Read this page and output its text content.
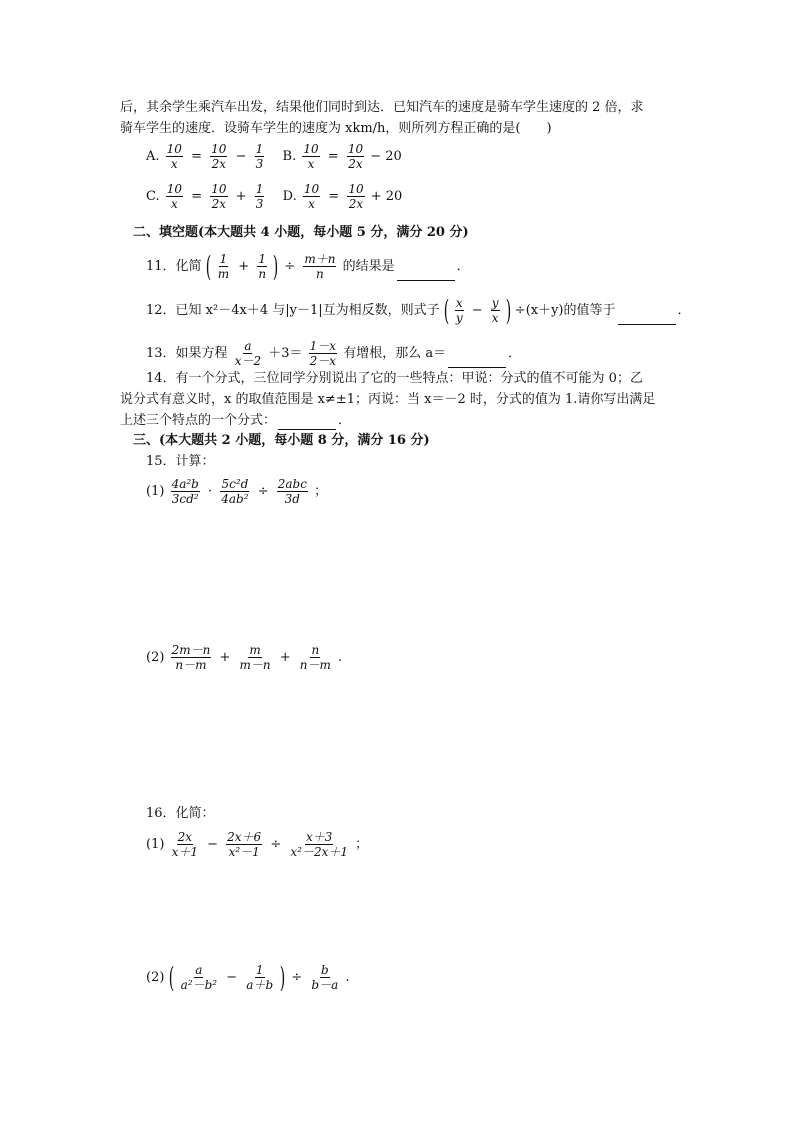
后，其余学生乘汽车出发，结果他们同时到达．已知汽车的速度是骑车学生速度的 2 倍，求
骑车学生的速度．设骑车学生的速度为 xkm/h，则所列方程正确的是(　　)
A. $\frac{10}{x} = \frac{10}{2x} - \frac{1}{3} B$. $\frac{10}{x} = \frac{10}{2x} - 20$
C. $\frac{10}{x} = \frac{10}{2x} + \frac{1}{3} D$. $\frac{10}{x} = \frac{10}{2x} + 20$
二、填空题(本大题共 4 小题，每小题 5 分，满分 20 分)
11．化简 ( $\frac{1}{m} + \frac{1}{n}$ ) ÷ $\frac{m+n}{n}$ 的结果是	．
12．已知 x²－4x＋4 与|y－1|互为相反数，则式子 ( $\frac{x}{y} - \frac{y}{x}$ ) ÷(x＋y)的值等于	．
13．如果方程 $\frac{a}{x-2} +3= \frac{1-x}{2-x}$ 有增根，那么 a＝	．
14．有一个分式，三位同学分别说出了它的一些特点：甲说：分式的值不可能为 0；乙
说分式有意义时，x 的取值范围是 x≠±1；丙说：当 x＝－2 时，分式的值为 1.请你写出满足
上述三个特点的一个分式：	．
三、(本大题共 2 小题，每小题 8 分，满分 16 分)
15．计算：
$(1) \frac{\text{4a²b}}{\text{3cd²}} \cdot \frac{\text{5c²d}}{\text{4ab²}} \div \frac{\text{2abc}}{3d}$ ；
$(2) \frac{2m-n}{n-m} + \frac{m}{m-n} + \frac{n}{n-m}$ .
16．化简：
$(1) \frac{2x}{x+1} - \frac{2x+6}{\text{x²－1}} \div \frac{x+3}{\text{x²－2x＋1}}$ ；
(2) ( $\frac{a}{\text{a²－b²}} - \frac{1}{a+b}$ ) ÷ $\frac{b}{b-a}$ .
